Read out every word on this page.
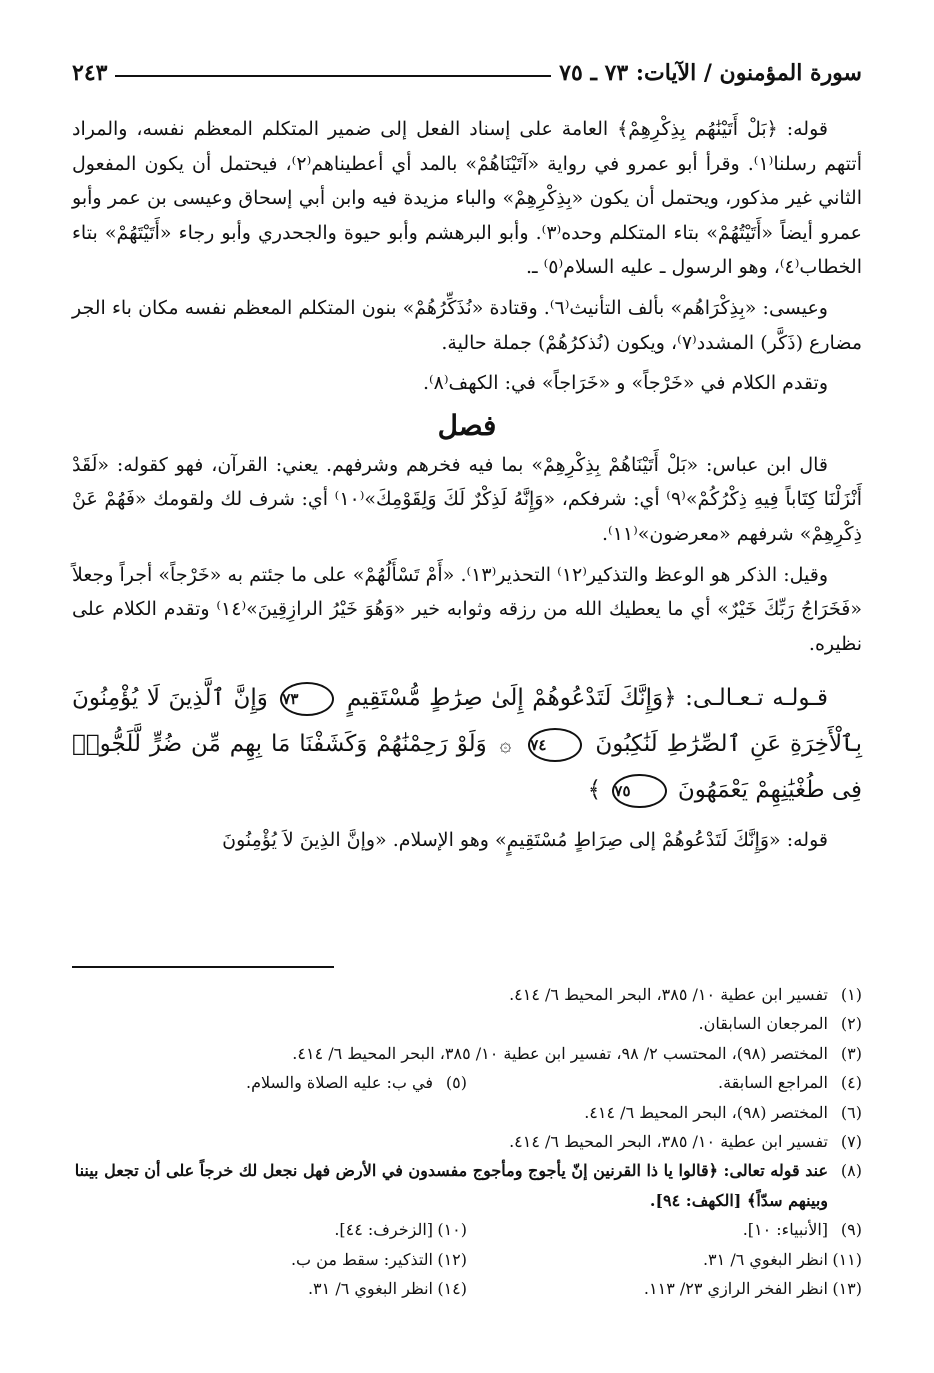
سورة المؤمنون / الآيات: ٧٣ ـ ٧٥
٢٤٣

قوله: ﴿بَلْ أَتَيْنَٰهُم بِذِكْرِهِمْ﴾ العامة على إسناد الفعل إلى ضمير المتكلم المعظم نفسه، والمراد أتتهم رسلنا⁽١⁾. وقرأ أبو عمرو في رواية «آتَيْنَاهُمْ» بالمد أي أعطيناهم⁽٢⁾، فيحتمل أن يكون المفعول الثاني غير مذكور، ويحتمل أن يكون «بِذِكْرِهِمْ» والباء مزيدة فيه وابن أبي إسحاق وعيسى بن عمر وأبو عمرو أيضاً «أَتَيْتُهُمْ» بتاء المتكلم وحده⁽٣⁾. وأبو البرهشم وأبو حيوة والجحدري وأبو رجاء «أَتَيْتَهُمْ» بتاء الخطاب⁽٤⁾، وهو الرسول ـ عليه السلام⁽٥⁾ ـ.

وعيسى: «بِذِكْرَاهُم» بألف التأنيث⁽٦⁾. وقتادة «نُذَكِّرُهُمْ» بنون المتكلم المعظم نفسه مكان باء الجر مضارع (ذَكَّر) المشدد⁽٧⁾، ويكون (نُذكرُهُمْ) جملة حالية.

وتقدم الكلام في «خَرْجاً» و «خَرَاجاً» في: الكهف⁽٨⁾.

فصل

قال ابن عباس: «بَلْ أَتَيْنَاهُمْ بِذِكْرِهِمْ» بما فيه فخرهم وشرفهم. يعني: القرآن، فهو كقوله: «لَقَدْ أَنْزَلْنَا كِتَاباً فِيهِ ذِكْرُكُمْ»⁽٩⁾ أي: شرفكم، «وَإِنَّهُ لَذِكْرٌ لَكَ وَلِقَوْمِكَ»⁽١٠⁾ أي: شرف لك ولقومك «فَهُمْ عَنْ ذِكْرِهِمْ» شرفهم «معرضون»⁽١١⁾.

وقيل: الذكر هو الوعظ والتذكير⁽١٢⁾ التحذير⁽١٣⁾. «أَمْ تَسْأَلُهُمْ» على ما جئتم به «خَرْجاً» أجراً وجعلاً «فَخَرَاجُ رَبِّكَ خَيْرٌ» أي ما يعطيك الله من رزقه وثوابه خير «وَهُوَ خَيْرُ الرازِقِينَ»⁽١٤⁾ وتقدم الكلام على نظيره.

قـولـه تـعـالـى: ﴿وَإِنَّكَ لَتَدْعُوهُمْ إِلَىٰ صِرَٰطٍ مُّسْتَقِيمٍ ٧٣ وَإِنَّ ٱلَّذِينَ لَا يُؤْمِنُونَ بِٱلْأَخِرَةِ عَنِ ٱلصِّرَٰطِ لَنَٰكِبُونَ ٧٤ ۞ وَلَوْ رَحِمْنَٰهُمْ وَكَشَفْنَا مَا بِهِم مِّن ضُرٍّ لَّلَجُّوا۟ فِى طُغْيَٰنِهِمْ يَعْمَهُونَ ٧٥ ﴾

قوله: «وَإِنَّكَ لَتَدْعُوهُمْ إلى صِرَاطٍ مُسْتَقِيمٍ» وهو الإسلام. «وإنَّ الذِينَ لاَ يُؤْمِنُونَ

(١)
تفسير ابن عطية ١٠/ ٣٨٥، البحر المحيط ٦/ ٤١٤.
(٢)
المرجعان السابقان.
(٣)
المختصر (٩٨)، المحتسب ٢/ ٩٨، تفسير ابن عطية ١٠/ ٣٨٥، البحر المحيط ٦/ ٤١٤.
(٤)
المراجع السابقة.
(٥)
في ب: عليه الصلاة والسلام.
(٦)
المختصر (٩٨)، البحر المحيط ٦/ ٤١٤.
(٧)
تفسير ابن عطية ١٠/ ٣٨٥، البحر المحيط ٦/ ٤١٤.
(٨)
عند قوله تعالى: ﴿قالوا يا ذا القرنين إنّ يأجوج ومأجوج مفسدون في الأرض فهل نجعل لك خرجاً على أن تجعل بيننا وبينهم سدّاً﴾ [الكهف: ٩٤].
(٩)
[الأنبياء: ١٠].
(١٠)
[الزخرف: ٤٤].
(١١)
انظر البغوي ٦/ ٣١.
(١٢)
التذكير: سقط من ب.
(١٣)
انظر الفخر الرازي ٢٣/ ١١٣.
(١٤)
انظر البغوي ٦/ ٣١.
